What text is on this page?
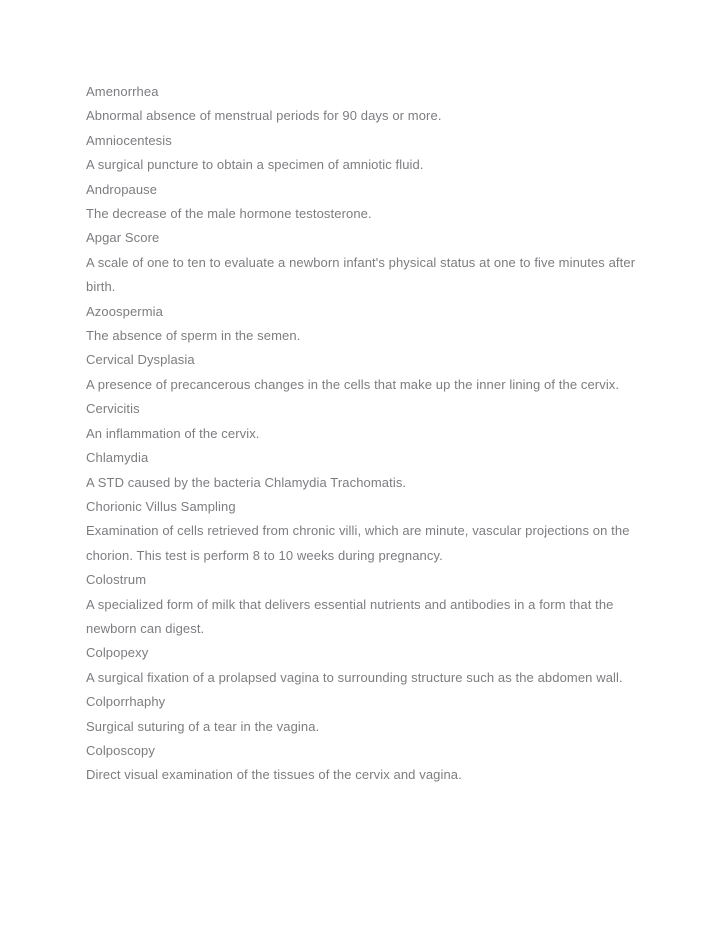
Amenorrhea
Abnormal absence of menstrual periods for 90 days or more.
Amniocentesis
A surgical puncture to obtain a specimen of amniotic fluid.
Andropause
The decrease of the male hormone testosterone.
Apgar Score
A scale of one to ten to evaluate a newborn infant's physical status at one to five minutes after birth.
Azoospermia
The absence of sperm in the semen.
Cervical Dysplasia
A presence of precancerous changes in the cells that make up the inner lining of the cervix.
Cervicitis
An inflammation of the cervix.
Chlamydia
A STD caused by the bacteria Chlamydia Trachomatis.
Chorionic Villus Sampling
Examination of cells retrieved from chronic villi, which are minute, vascular projections on the chorion. This test is perform 8 to 10 weeks during pregnancy.
Colostrum
A specialized form of milk that delivers essential nutrients and antibodies in a form that the newborn can digest.
Colpopexy
A surgical fixation of a prolapsed vagina to surrounding structure such as the abdomen wall.
Colporrhaphy
Surgical suturing of a tear in the vagina.
Colposcopy
Direct visual examination of the tissues of the cervix and vagina.
